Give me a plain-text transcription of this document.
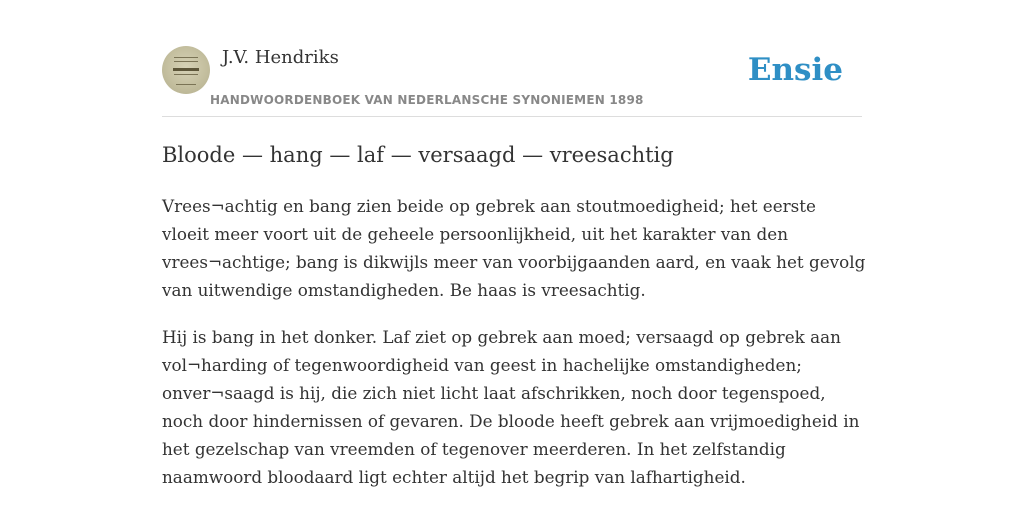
J.V. Hendriks
HANDWOORDENBOEK VAN NEDERLANSCHE SYNONIEMEN 1898
Ensie
Bloode — hang — laf — versaagd — vreesachtig

Vrees¬achtig en bang zien beide op gebrek aan stoutmoedigheid; het eerste
vloeit meer voort uit de geheele persoonlijkheid, uit het karakter van den
vrees¬achtige; bang is dikwijls meer van voorbijgaanden aard, en vaak het gevolg
van uitwendige omstandigheden. Be haas is vreesachtig.

Hij is bang in het donker. Laf ziet op gebrek aan moed; versaagd op gebrek aan
vol¬harding of tegenwoordigheid van geest in hachelijke omstandigheden;
onver¬saagd is hij, die zich niet licht laat afschrikken, noch door tegenspoed,
noch door hindernissen of gevaren. De bloode heeft gebrek aan vrijmoedigheid in
het gezelschap van vreemden of tegenover meerderen. In het zelfstandig
naamwoord bloodaard ligt echter altijd het begrip van lafhartigheid.
